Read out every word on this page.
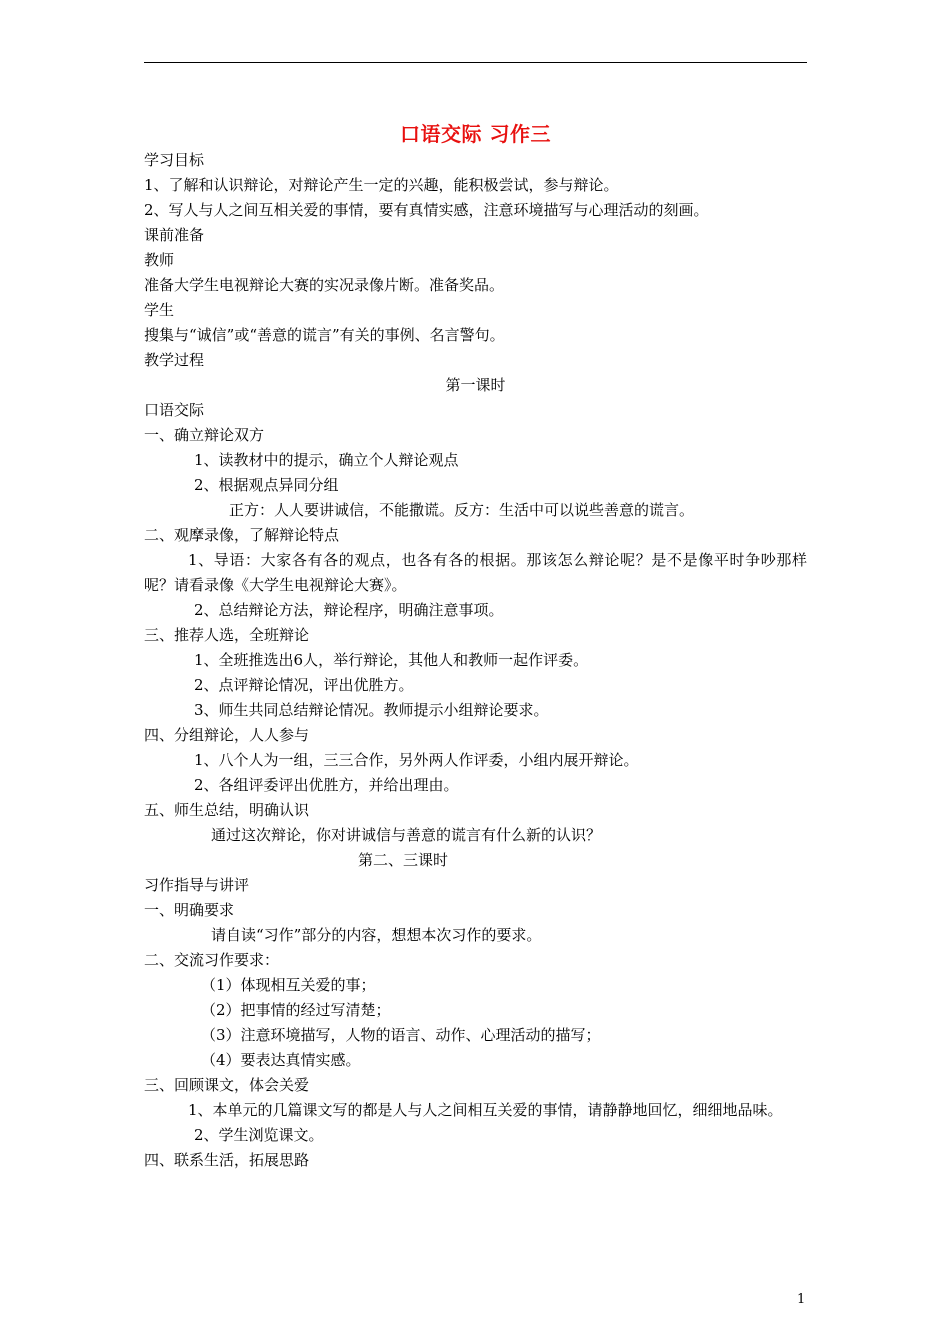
口语交际 习作三
学习目标
1、了解和认识辩论，对辩论产生一定的兴趣，能积极尝试，参与辩论。
2、写人与人之间互相关爱的事情，要有真情实感，注意环境描写与心理活动的刻画。
课前准备
教师
准备大学生电视辩论大赛的实况录像片断。准备奖品。
学生
搜集与“诚信”或“善意的谎言”有关的事例、名言警句。
教学过程
第一课时
口语交际
一、确立辩论双方
1、读教材中的提示，确立个人辩论观点
2、根据观点异同分组
正方：人人要讲诚信，不能撒谎。反方：生活中可以说些善意的谎言。
二、观摩录像，了解辩论特点
1、导语：大家各有各的观点，也各有各的根据。那该怎么辩论呢？是不是像平时争吵那样呢？请看录像《大学生电视辩论大赛》。
2、总结辩论方法，辩论程序，明确注意事项。
三、推荐人选，全班辩论
1、全班推选出6人，举行辩论，其他人和教师一起作评委。
2、点评辩论情况，评出优胜方。
3、师生共同总结辩论情况。教师提示小组辩论要求。
四、分组辩论，人人参与
1、八个人为一组，三三合作，另外两人作评委，小组内展开辩论。
2、各组评委评出优胜方，并给出理由。
五、师生总结，明确认识
通过这次辩论，你对讲诚信与善意的谎言有什么新的认识？
第二、三课时
习作指导与讲评
一、明确要求
请自读“习作”部分的内容，想想本次习作的要求。
二、交流习作要求：
（1）体现相互关爱的事；
（2）把事情的经过写清楚；
（3）注意环境描写，人物的语言、动作、心理活动的描写；
（4）要表达真情实感。
三、回顾课文，体会关爱
1、本单元的几篇课文写的都是人与人之间相互关爱的事情，请静静地回忆，细细地品味。
2、学生浏览课文。
四、联系生活，拓展思路
1
